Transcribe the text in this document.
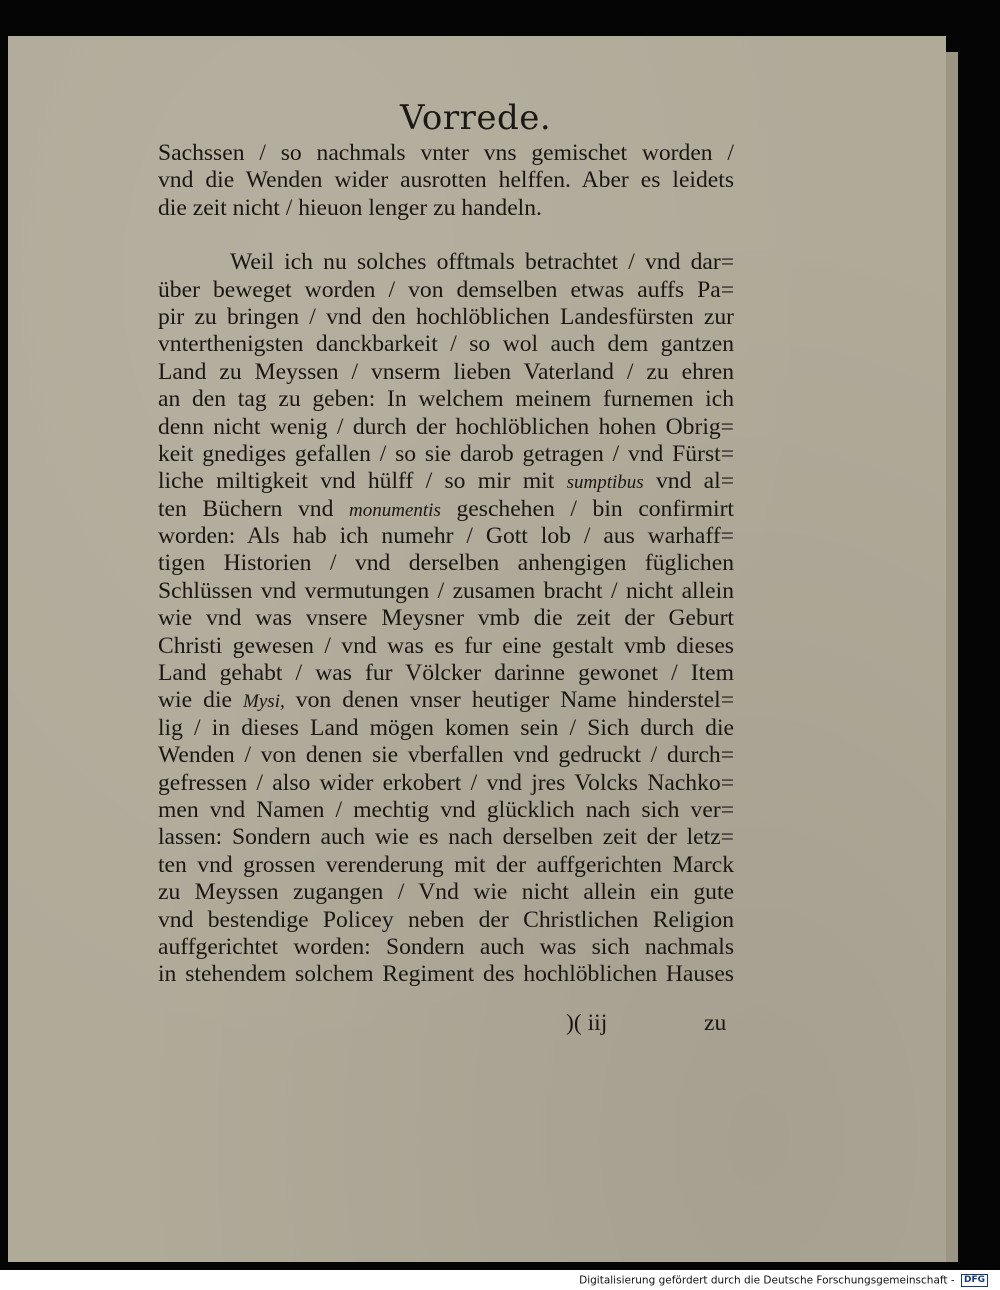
Vorrede.
Sachssen / so nachmals vnter vns gemischet worden /
vnd die Wenden wider ausrotten helffen. Aber es leidets
die zeit nicht / hieuon lenger zu handeln.
Weil ich nu solches offtmals betrachtet / vnd dar=
über beweget worden / von demselben etwas auffs Pa=
pir zu bringen / vnd den hochlöblichen Landesfürsten zur
vnterthenigsten danckbarkeit / so wol auch dem gantzen
Land zu Meyssen / vnserm lieben Vaterland / zu ehren
an den tag zu geben: In welchem meinem furnemen ich
denn nicht wenig / durch der hochlöblichen hohen Obrig=
keit gnediges gefallen / so sie darob getragen / vnd Fürst=
liche miltigkeit vnd hülff / so mir mit sumptibus vnd al=
ten Büchern vnd monumentis geschehen / bin confirmirt
worden: Als hab ich numehr / Gott lob / aus warhaff=
tigen Historien / vnd derselben anhengigen füglichen
Schlüssen vnd vermutungen / zusamen bracht / nicht allein
wie vnd was vnsere Meysner vmb die zeit der Geburt
Christi gewesen / vnd was es fur eine gestalt vmb dieses
Land gehabt / was fur Völcker darinne gewonet / Item
wie die Mysi, von denen vnser heutiger Name hinderstel=
lig / in dieses Land mögen komen sein / Sich durch die
Wenden / von denen sie vberfallen vnd gedruckt / durch=
gefressen / also wider erkobert / vnd jres Volcks Nachko=
men vnd Namen / mechtig vnd glücklich nach sich ver=
lassen: Sondern auch wie es nach derselben zeit der letz=
ten vnd grossen verenderung mit der auffgerichten Marck
zu Meyssen zugangen / Vnd wie nicht allein ein gute
vnd bestendige Policey neben der Christlichen Religion
auffgerichtet worden: Sondern auch was sich nachmals
in stehendem solchem Regiment des hochlöblichen Hauses
)( iij	zu
Digitalisierung gefördert durch die Deutsche Forschungsgemeinschaft - DFG
